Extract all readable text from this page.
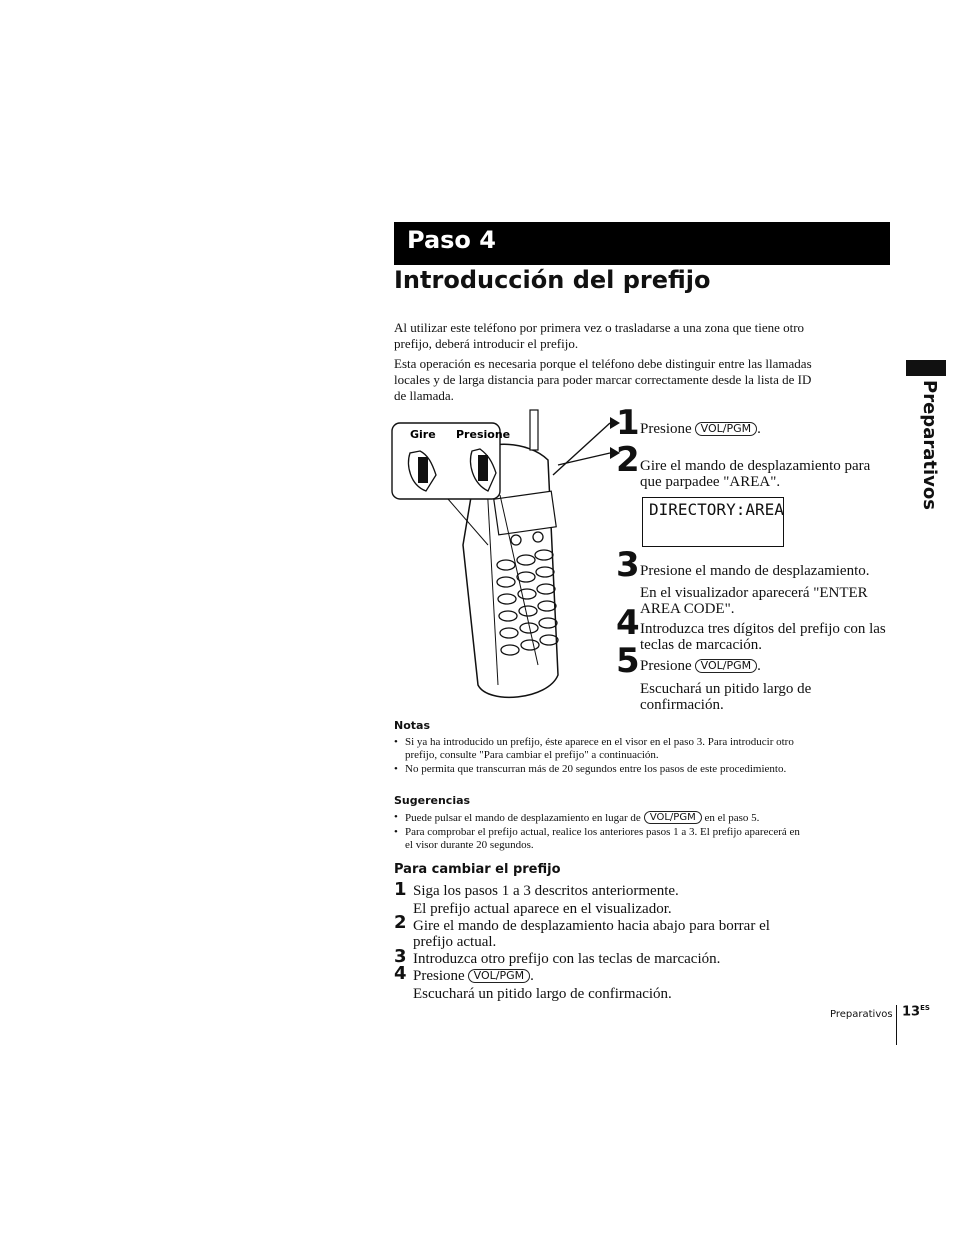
Paso 4
Introducción del prefijo
Al utilizar este teléfono por primera vez o trasladarse a una zona que tiene otro prefijo, deberá introducir el prefijo.
Esta operación es necesaria porque el teléfono debe distinguir entre las llamadas locales y de larga distancia para poder marcar correctamente desde la lista de ID de llamada.
Gire Presione	1 Presione VOL/PGM .
2 Gire el mando de desplazamiento para que parpadee "AREA".
DIRECTORY:AREA
3 Presione el mando de desplazamiento.
En el visualizador aparecerá "ENTER AREA CODE".
4 Introduzca tres dígitos del prefijo con las teclas de marcación.
5 Presione VOL/PGM .
Escuchará un pitido largo de confirmación.
Notas
• Si ya ha introducido un prefijo, éste aparece en el visor en el paso 3. Para introducir otro prefijo, consulte "Para cambiar el prefijo" a continuación.
• No permita que transcurran más de 20 segundos entre los pasos de este procedimiento.
Sugerencias
• Puede pulsar el mando de desplazamiento en lugar de VOL/PGM en el paso 5.
• Para comprobar el prefijo actual, realice los anteriores pasos 1 a 3. El prefijo aparecerá en el visor durante 20 segundos.
Para cambiar el prefijo
1 Siga los pasos 1 a 3 descritos anteriormente.
El prefijo actual aparece en el visualizador.
2 Gire el mando de desplazamiento hacia abajo para borrar el prefijo actual.
3 Introduzca otro prefijo con las teclas de marcación.
4 Presione VOL/PGM .
Escuchará un pitido largo de confirmación.
Preparativos
Preparativos $13^{ES}$
